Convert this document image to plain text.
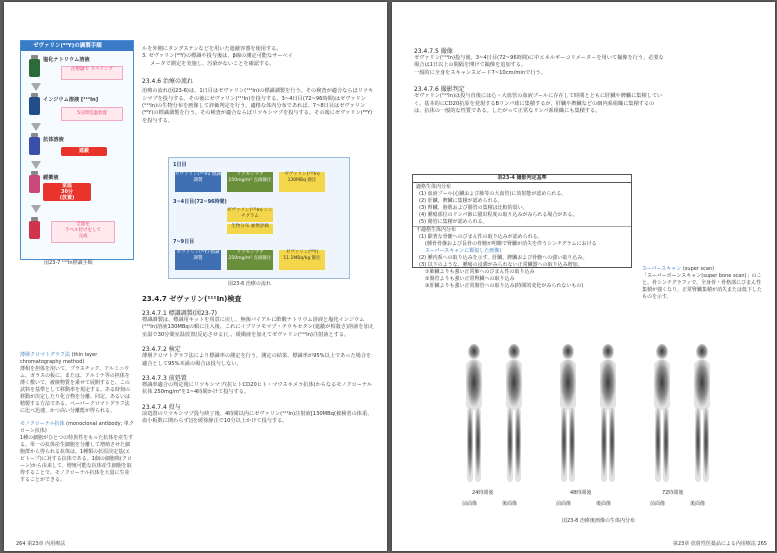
ゼヴァリン(⁹⁰Y)の調製手順
塩化ナトリウム溶液
注射器で ラベリング
インジウム溶液 [¹¹¹In]
5分間室温放置
抗体溶液
遮蔽
室温
30分
(放置)
緩衝液
全量を
ラベル付けをして
完成
図23-7 ¹¹¹In標識手順
薄層クロマトグラフ法 (thin layer chromatography method)
薄相を担体を用いて、プラスチック、アルミニウム、ガラスの板に、または、アルミナ等の担体を薄く敷いて、被検物質を乗せて展開すると、この試料を基準として移動率を規定する。ある時刻の移動が決定したり化合物を分離、同定、あるいは精製する方法である。ペーパークロマトグラフ法に比べ迅速、かつ高い分離能が得られる。
モノクローナル抗体 (monoclonal antibody; 単クローン抗体)
1種の細胞がひとつの特異性をもった抗体を産生する。単一の抗体産生細胞を分離して増殖させた細胞群から得られる抗体は、1種類の抗原決定基(エピトープ)に対する抗体である。1個の細胞株(クローン)から由来して、増殖可能な抗体産生細胞を取得することで、モノクローナル抗体を大量に生産することができる。
ルを外側にタングステンなどを用いた遮蔽容器を使用する。
3. ゼヴァリン(⁹⁰Y)の標識や投与後は、β線の測定可能なサーベイ
メータで測定を実施し、汚染がないことを確認する。
23.4.6 治療の流れ
治療の流れ(図23-6)は、1日目はゼヴァリン(¹¹¹In)の標識調製を行う。その検査が適合ならばリツキシマブを投与する。その後にゼヴァリン(¹¹¹In)を投与する。3~4日目(72~96時間)はゼヴァリン(¹¹¹In)の生物分布を画像して評価判定を行う。適格な体内分布であれば、7~8日目はゼヴァリン(⁹⁰Y)の標識調製を行う。その検査が適合ならばリツキシマブを投与する。その後にゼヴァリン(⁹⁰Y)を投与する。
1日目
ゼヴァリン(¹¹¹In) 標識調製
リツキシマブ 250mg/m² 点滴静注
ゼヴァリン(¹¹¹In) 130MBq 静注
3~4日目(72~96時間)
ゼヴァリン(¹¹¹In) シンチグラム
生物分布 画像評価
7~9日目
ゼヴァリン(⁹⁰Y) 標識調製
リツキシマブ 250mg/m² 点滴静注
ゼヴァリン(⁹⁰Y) 11.1MBq/kg 静注
図23-6 治療の流れ
23.4.7 ゼヴァリン(¹¹¹In)検査
23.4.7.1 標識調製(図23-7)
標識調製は、標識用キットを用意に戻し、無菌バイアルに酢酸ナトリウム溶液と塩化インジウム(¹¹¹In)溶液130MBqの順に注入後、これにイブリツモマブ・チウキセタン(遮蔽が相殺さ)溶液を加え室温で30分間室温放置(反応させる)し、緩衝液を加えてゼヴァリン(¹¹¹In)注射液とする。
23.4.7.2 検定
薄層クロマトグラフ法により標識率の測定を行う。測定の結果、標識率が95%以上であった場合を適合として95%未満の場合は投与しない。
23.4.7.3 前処置
標識率適合の判定後にリツキシマブ(抗ヒトCD20ヒト・マウスキメラ抗体)からなるモノクローナル抗体 250mg/m²を1~4時間かけて投与する。
23.4.7.4 投与
前処置のリツキシマブ投与終了後、4時間以内にゼヴァリン(¹¹¹In)注射液[130MBq(被検者の体重、血小板数に関わらず)]を緩徐静注で10分以上かけて投与する。
264 第23章 内用療法
23.4.7.5 撮像
ゼヴァリン(¹¹¹In)投与後、3~4日目(72~96時間)に中エネルギーコリメーターを用いて撮像を行う。必要な場合は1日以上の間隔を開けて撮像を追加する。
一般的に全身をスキャンスピード7~10cm/minで行う。
23.4.7.6 撮影判定
ゼヴァリン(¹¹¹In)は投与直後には心・大血管の血液プールに存在して時間とともに肝臓や脾臓に集積していく。基本的にCD20抗原を発現するBリンパ球に集積するが、肝臓や脾臓などの網内系組織に集積するのは、抗体の一般的な性質である。したがって正常なリンパ系組織にも集積する。
表23-4 撮影判定基準
適格生体内分布
(1) 血液プール(心臓および肺等の大血管)に放射能が認められる。
(2) 肝臓、脾臓に集積が認められる。
(3) 腎臓、膀胱および腸管の集積は比較的弱い。
(4) 腫瘍部位のリンパ節に描出程度の取り込みがみられる場合がある。
(5) 腸管に集積が認められる。
不適格生体内分布
(1) 顕著な骨髄へのびまん性の取り込みが認められる。
(腫骨骨盤および長骨の骨髄が明瞭で腎臓が消失を伴うシンチグラムにおける
スーパースキャンに類似した画像)
(2) 腫内系への取り込みを示す、肝臓、脾臓および骨髄への強い取り込み。
(3) 以下のような、腫瘍の浸潤がみられない正常臓器への取り込み増加。
①肺臓よりも強い正常肺へのびまん性の取り込み
②腸管よりも強い正常腎臓への取り込み
③肝臓よりも強い正常腸管への取り込み(時間的変化がみられないもの)
スーパースキャン (super scan)
「スーパーボーンスキャン(super bone scan)」のこと。骨シンチグラフィで、全身骨・骨格部にびまん性集積が強くなり、正常腎臓集積が消失または低下したものを示す。
24時間後
前面像	後面像	前面像	後面像
48時間後
前面像	後面像
72時間後
図23-8 治療後画像の生体内分布
第23章 放射性医薬品による内用療法 265
